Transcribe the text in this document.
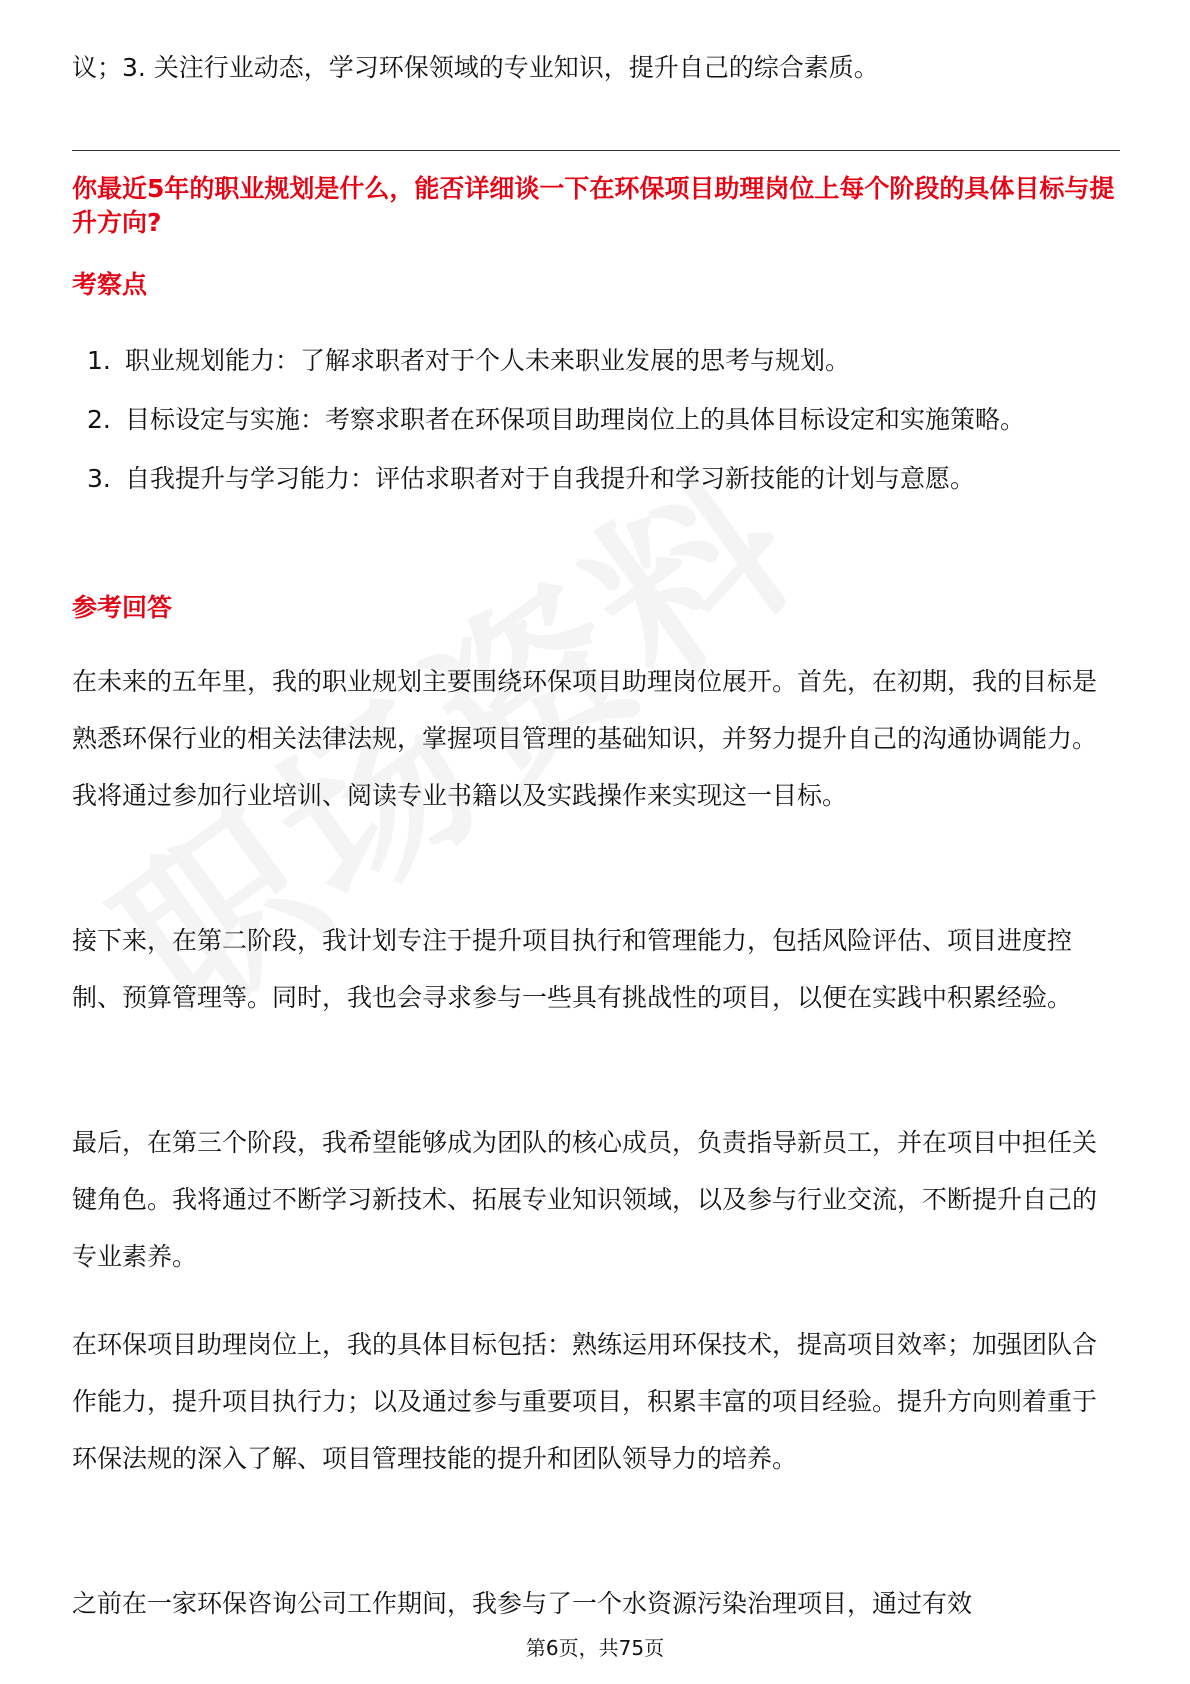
议；3. 关注行业动态，学习环保领域的专业知识，提升自己的综合素质。
你最近5年的职业规划是什么，能否详细谈一下在环保项目助理岗位上每个阶段的具体目标与提升方向?
考察点
1. 职业规划能力：了解求职者对于个人未来职业发展的思考与规划。
2. 目标设定与实施：考察求职者在环保项目助理岗位上的具体目标设定和实施策略。
3. 自我提升与学习能力：评估求职者对于自我提升和学习新技能的计划与意愿。
参考回答

在未来的五年里，我的职业规划主要围绕环保项目助理岗位展开。首先，在初期，我的目标是熟悉环保行业的相关法律法规，掌握项目管理的基础知识，并努力提升自己的沟通协调能力。我将通过参加行业培训、阅读专业书籍以及实践操作来实现这一目标。

接下来，在第二阶段，我计划专注于提升项目执行和管理能力，包括风险评估、项目进度控制、预算管理等。同时，我也会寻求参与一些具有挑战性的项目，以便在实践中积累经验。

最后，在第三个阶段，我希望能够成为团队的核心成员，负责指导新员工，并在项目中担任关键角色。我将通过不断学习新技术、拓展专业知识领域，以及参与行业交流，不断提升自己的专业素养。

在环保项目助理岗位上，我的具体目标包括：熟练运用环保技术，提高项目效率；加强团队合作能力，提升项目执行力；以及通过参与重要项目，积累丰富的项目经验。提升方向则着重于环保法规的深入了解、项目管理技能的提升和团队领导力的培养。

之前在一家环保咨询公司工作期间，我参与了一个水资源污染治理项目，通过有效

第6页，共75页
